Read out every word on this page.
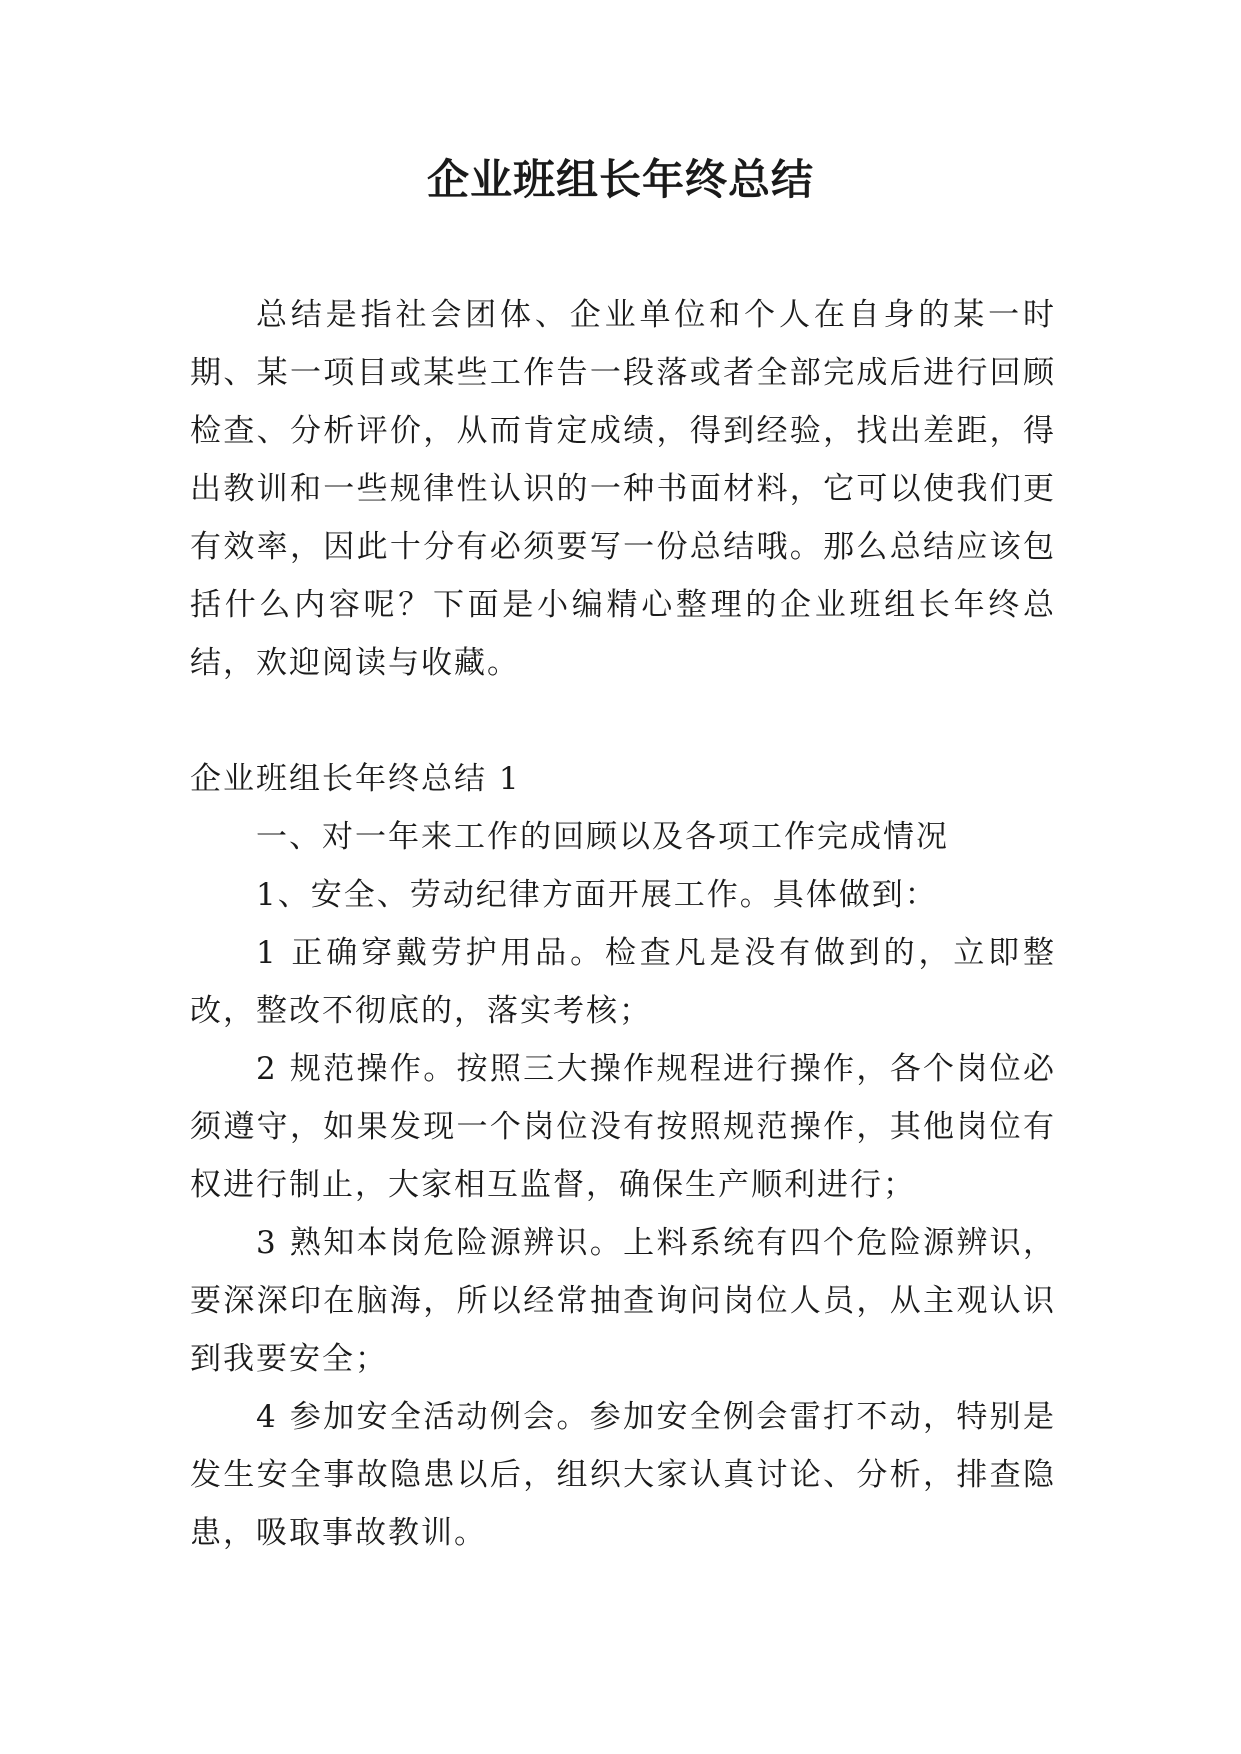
企业班组长年终总结

总结是指社会团体、企业单位和个人在自身的某一时期、某一项目或某些工作告一段落或者全部完成后进行回顾检查、分析评价，从而肯定成绩，得到经验，找出差距，得出教训和一些规律性认识的一种书面材料，它可以使我们更有效率，因此十分有必须要写一份总结哦。那么总结应该包括什么内容呢？下面是小编精心整理的企业班组长年终总结，欢迎阅读与收藏。

企业班组长年终总结 1

一、对一年来工作的回顾以及各项工作完成情况

1、安全、劳动纪律方面开展工作。具体做到：

1 正确穿戴劳护用品。检查凡是没有做到的，立即整改，整改不彻底的，落实考核；

2 规范操作。按照三大操作规程进行操作，各个岗位必须遵守，如果发现一个岗位没有按照规范操作，其他岗位有权进行制止，大家相互监督，确保生产顺利进行；

3 熟知本岗危险源辨识。上料系统有四个危险源辨识，要深深印在脑海，所以经常抽查询问岗位人员，从主观认识到我要安全；

4 参加安全活动例会。参加安全例会雷打不动，特别是发生安全事故隐患以后，组织大家认真讨论、分析，排查隐患，吸取事故教训。
